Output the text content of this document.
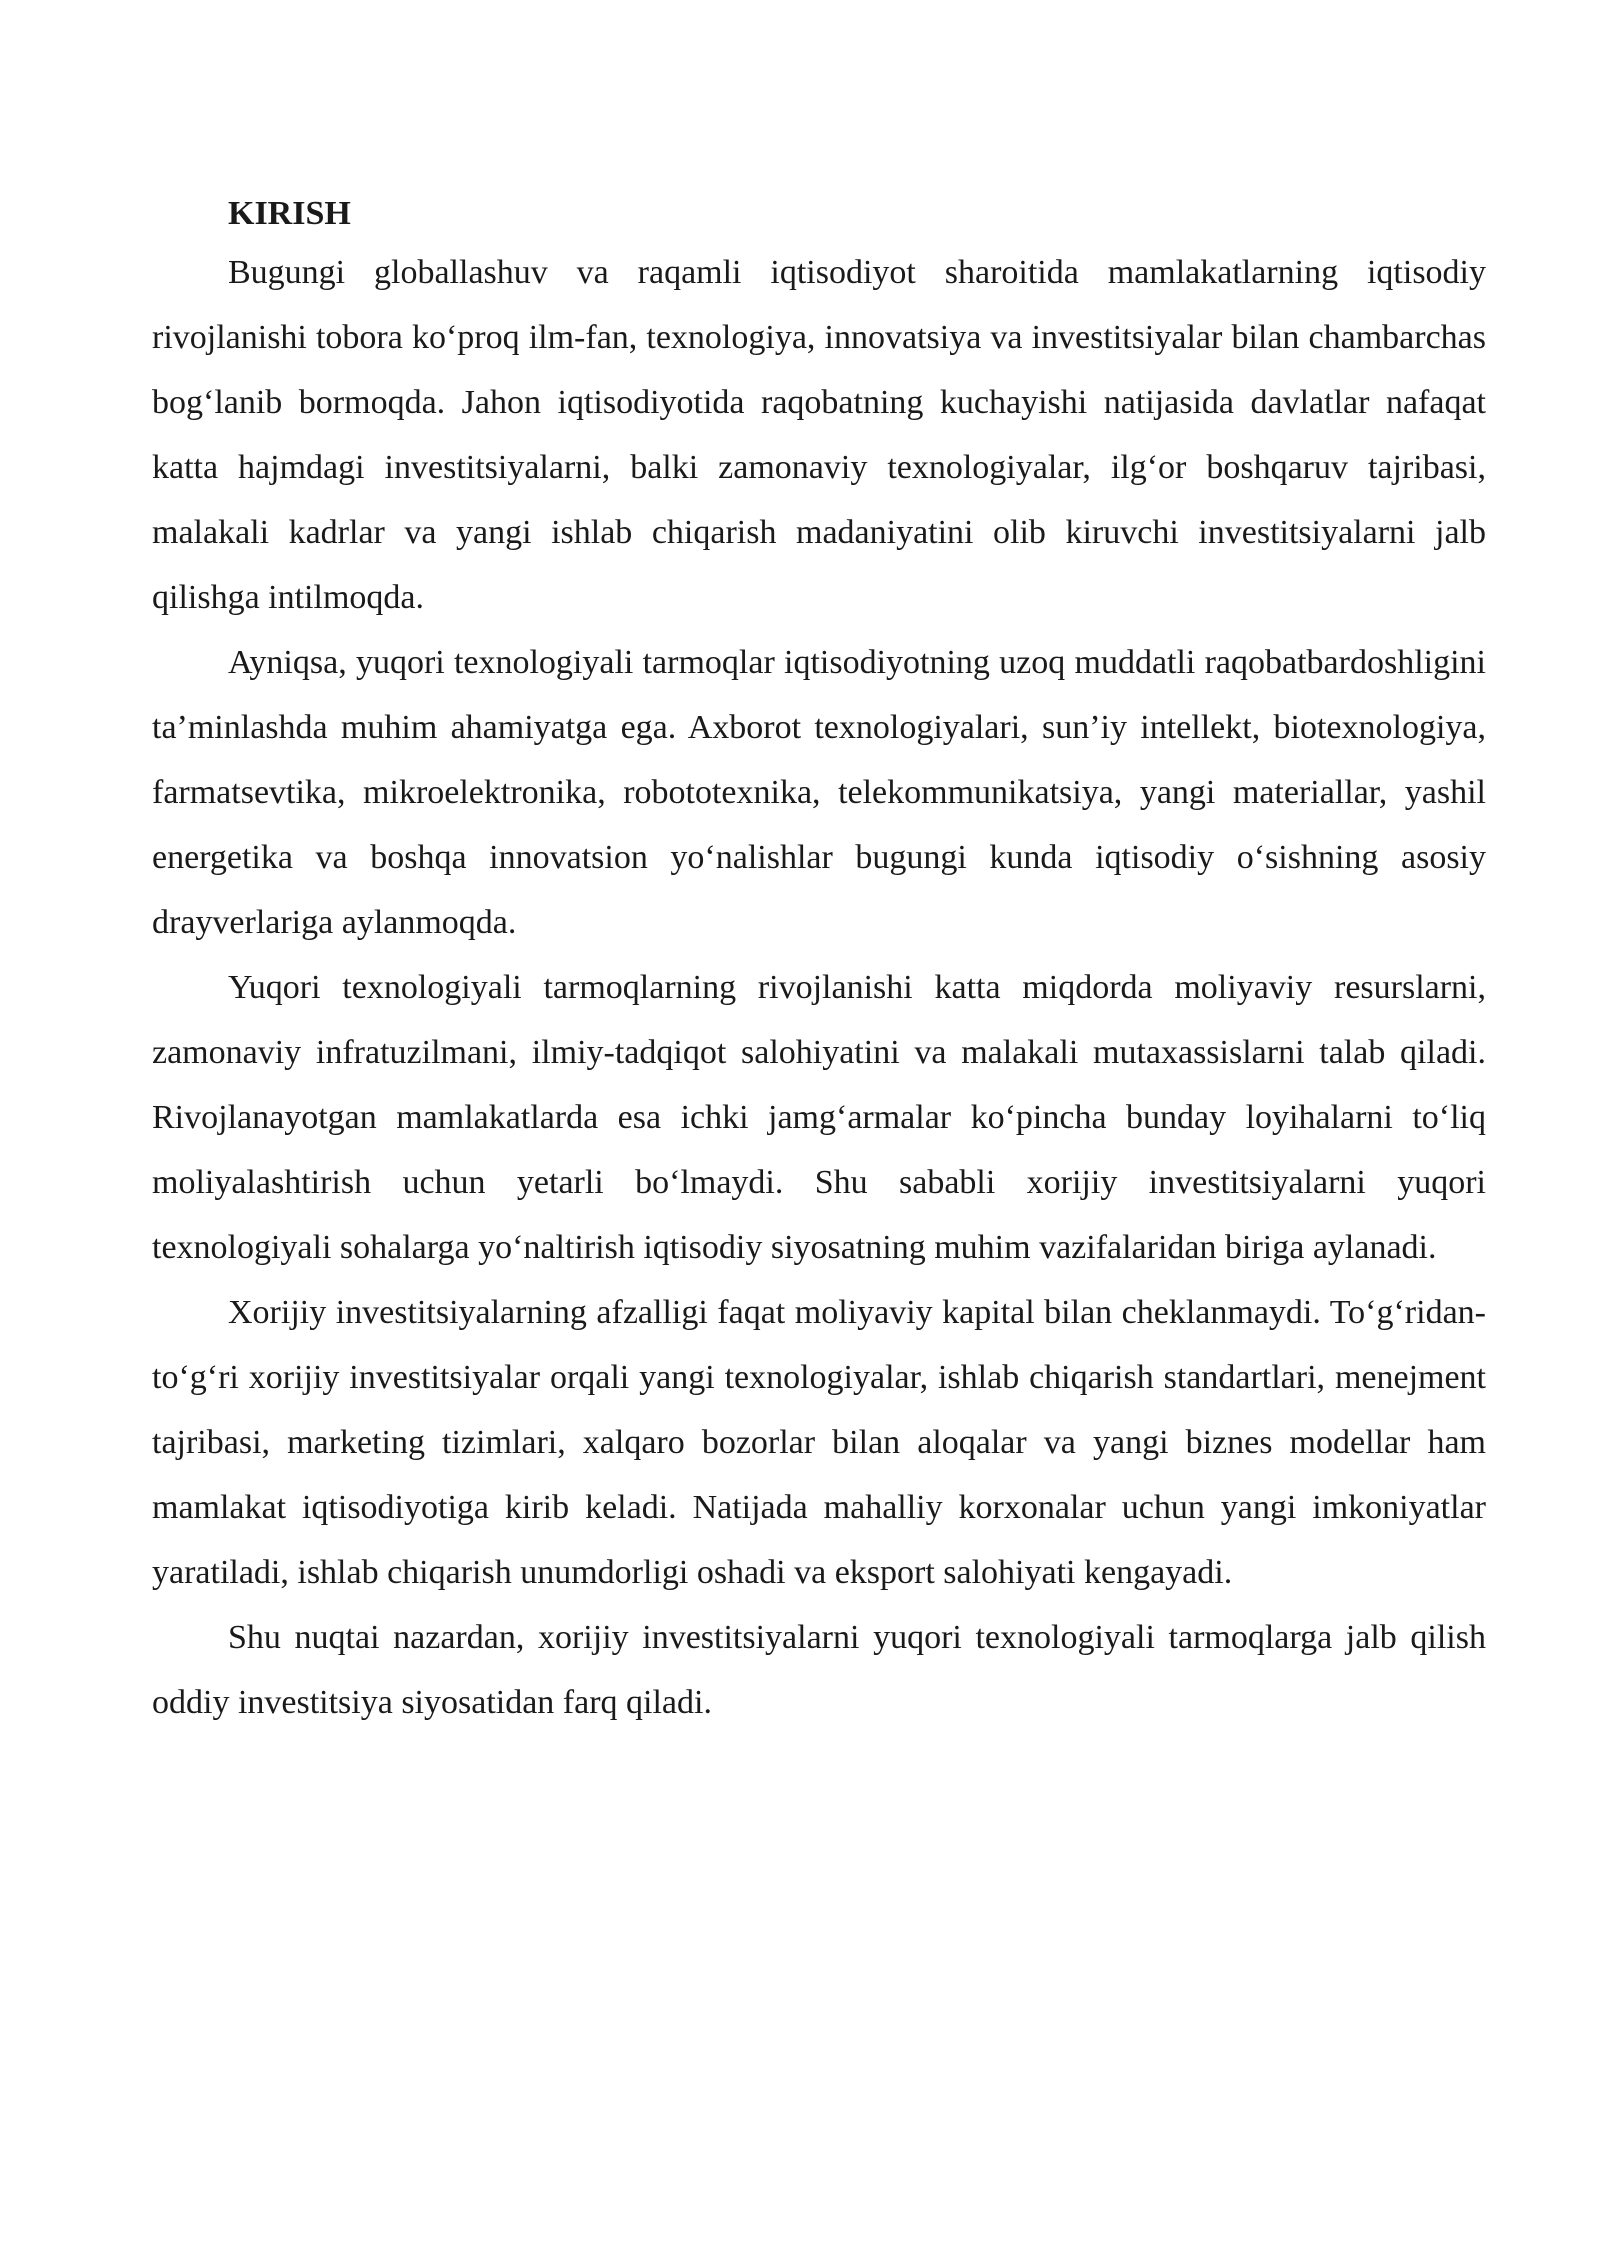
KIRISH

Bugungi globallashuv va raqamli iqtisodiyot sharoitida mamlakatlarning iqtisodiy rivojlanishi tobora ko‘proq ilm-fan, texnologiya, innovatsiya va investitsiyalar bilan chambarchas bog‘lanib bormoqda. Jahon iqtisodiyotida raqobatning kuchayishi natijasida davlatlar nafaqat katta hajmdagi investitsiyalarni, balki zamonaviy texnologiyalar, ilg‘or boshqaruv tajribasi, malakali kadrlar va yangi ishlab chiqarish madaniyatini olib kiruvchi investitsiyalarni jalb qilishga intilmoqda.

Ayniqsa, yuqori texnologiyali tarmoqlar iqtisodiyotning uzoq muddatli raqobatbardoshligini ta’minlashda muhim ahamiyatga ega. Axborot texnologiyalari, sun’iy intellekt, biotexnologiya, farmatsevtika, mikroelektronika, robototexnika, telekommunikatsiya, yangi materiallar, yashil energetika va boshqa innovatsion yo‘nalishlar bugungi kunda iqtisodiy o‘sishning asosiy drayverlariga aylanmoqda.

Yuqori texnologiyali tarmoqlarning rivojlanishi katta miqdorda moliyaviy resurslarni, zamonaviy infratuzilmani, ilmiy-tadqiqot salohiyatini va malakali mutaxassislarni talab qiladi. Rivojlanayotgan mamlakatlarda esa ichki jamg‘armalar ko‘pincha bunday loyihalarni to‘liq moliyalashtirish uchun yetarli bo‘lmaydi. Shu sababli xorijiy investitsiyalarni yuqori texnologiyali sohalarga yo‘naltirish iqtisodiy siyosatning muhim vazifalaridan biriga aylanadi.

Xorijiy investitsiyalarning afzalligi faqat moliyaviy kapital bilan cheklanmaydi. To‘g‘ridan-to‘g‘ri xorijiy investitsiyalar orqali yangi texnologiyalar, ishlab chiqarish standartlari, menejment tajribasi, marketing tizimlari, xalqaro bozorlar bilan aloqalar va yangi biznes modellar ham mamlakat iqtisodiyotiga kirib keladi. Natijada mahalliy korxonalar uchun yangi imkoniyatlar yaratiladi, ishlab chiqarish unumdorligi oshadi va eksport salohiyati kengayadi.

Shu nuqtai nazardan, xorijiy investitsiyalarni yuqori texnologiyali tarmoqlarga jalb qilish oddiy investitsiya siyosatidan farq qiladi.
